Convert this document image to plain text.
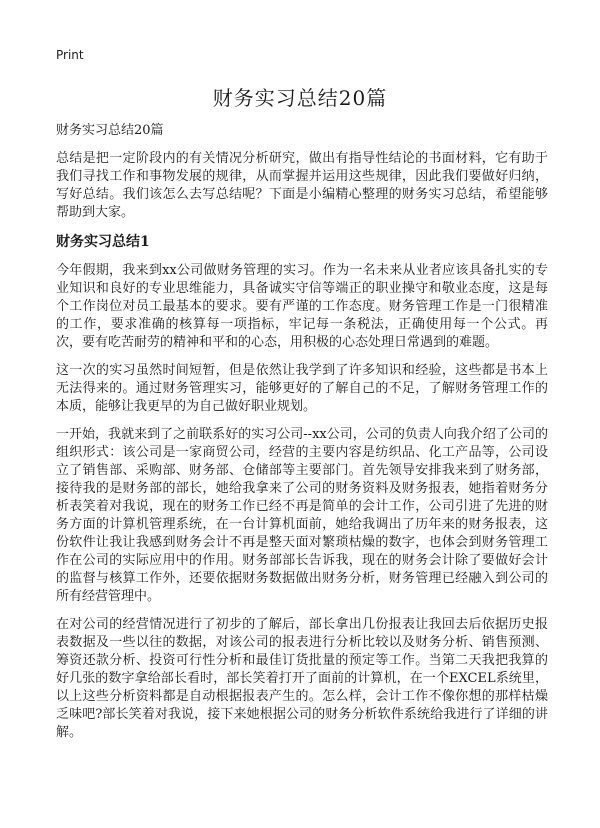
Print
财务实习总结20篇

财务实习总结20篇

总结是把一定阶段内的有关情况分析研究，做出有指导性结论的书面材料，它有助于我们寻找工作和事物发展的规律，从而掌握并运用这些规律，因此我们要做好归纳，写好总结。我们该怎么去写总结呢？下面是小编精心整理的财务实习总结，希望能够帮助到大家。

财务实习总结1

今年假期，我来到xx公司做财务管理的实习。作为一名未来从业者应该具备扎实的专业知识和良好的专业思维能力，具备诚实守信等端正的职业操守和敬业态度，这是每个工作岗位对员工最基本的要求。要有严谨的工作态度。财务管理工作是一门很精准的工作，要求准确的核算每一项指标，牢记每一条税法，正确使用每一个公式。再次，要有吃苦耐劳的精神和平和的心态，用积极的心态处理日常遇到的难题。

这一次的实习虽然时间短暂，但是依然让我学到了许多知识和经验，这些都是书本上无法得来的。通过财务管理实习，能够更好的了解自己的不足，了解财务管理工作的本质，能够让我更早的为自己做好职业规划。

一开始，我就来到了之前联系好的实习公司--xx公司，公司的负责人向我介绍了公司的组织形式：该公司是一家商贸公司，经营的主要内容是纺织品、化工产品等，公司设立了销售部、采购部、财务部、仓储部等主要部门。首先领导安排我来到了财务部，接待我的是财务部的部长，她给我拿来了公司的财务资料及财务报表，她指着财务分析表笑着对我说，现在的财务工作已经不再是简单的会计工作，公司引进了先进的财务方面的计算机管理系统，在一台计算机面前，她给我调出了历年来的财务报表，这份软件让我让我感到财务会计不再是整天面对繁琐枯燥的数字，也体会到财务管理工作在公司的实际应用中的作用。财务部部长告诉我，现在的财务会计除了要做好会计的监督与核算工作外，还要依据财务数据做出财务分析，财务管理已经融入到公司的所有经营管理中。

在对公司的经营情况进行了初步的了解后，部长拿出几份报表让我回去后依据历史报表数据及一些以往的数据，对该公司的报表进行分析比较以及财务分析、销售预测、筹资还款分析、投资可行性分析和最佳订货批量的预定等工作。当第二天我把我算的好几张的数字拿给部长看时，部长笑着打开了面前的计算机，在一个EXCEL系统里，以上这些分析资料都是自动根据报表产生的。怎么样，会计工作不像你想的那样枯燥乏味吧?部长笑着对我说，接下来她根据公司的财务分析软件系统给我进行了详细的讲解。
